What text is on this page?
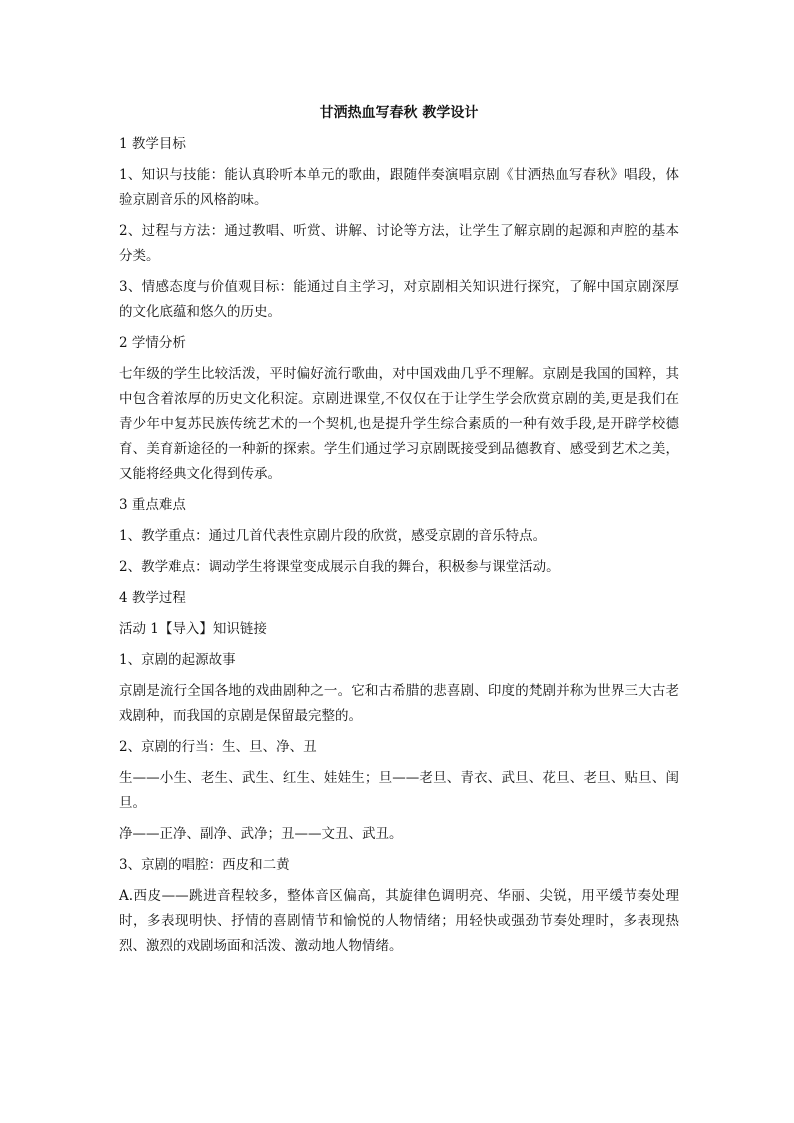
甘洒热血写春秋 教学设计
1 教学目标
1、知识与技能：能认真聆听本单元的歌曲，跟随伴奏演唱京剧《甘洒热血写春秋》唱段，体验京剧音乐的风格韵味。
2、过程与方法：通过教唱、听赏、讲解、讨论等方法，让学生了解京剧的起源和声腔的基本分类。
3、情感态度与价值观目标：能通过自主学习，对京剧相关知识进行探究，了解中国京剧深厚的文化底蕴和悠久的历史。
2 学情分析
七年级的学生比较活泼，平时偏好流行歌曲，对中国戏曲几乎不理解。京剧是我国的国粹，其中包含着浓厚的历史文化积淀。京剧进课堂,不仅仅在于让学生学会欣赏京剧的美,更是我们在青少年中复苏民族传统艺术的一个契机,也是提升学生综合素质的一种有效手段,是开辟学校德育、美育新途径的一种新的探索。学生们通过学习京剧既接受到品德教育、感受到艺术之美，又能将经典文化得到传承。
3 重点难点
1、教学重点：通过几首代表性京剧片段的欣赏，感受京剧的音乐特点。
2、教学难点：调动学生将课堂变成展示自我的舞台，积极参与课堂活动。
4 教学过程
活动 1【导入】知识链接
1、京剧的起源故事
京剧是流行全国各地的戏曲剧种之一。它和古希腊的悲喜剧、印度的梵剧并称为世界三大古老戏剧种，而我国的京剧是保留最完整的。
2、京剧的行当：生、旦、净、丑
生——小生、老生、武生、红生、娃娃生；旦——老旦、青衣、武旦、花旦、老旦、贴旦、闺旦。
净——正净、副净、武净；丑——文丑、武丑。
3、京剧的唱腔：西皮和二黄
A.西皮——跳进音程较多，整体音区偏高，其旋律色调明亮、华丽、尖锐，用平缓节奏处理时，多表现明快、抒情的喜剧情节和愉悦的人物情绪；用轻快或强劲节奏处理时，多表现热烈、激烈的戏剧场面和活泼、激动地人物情绪。
